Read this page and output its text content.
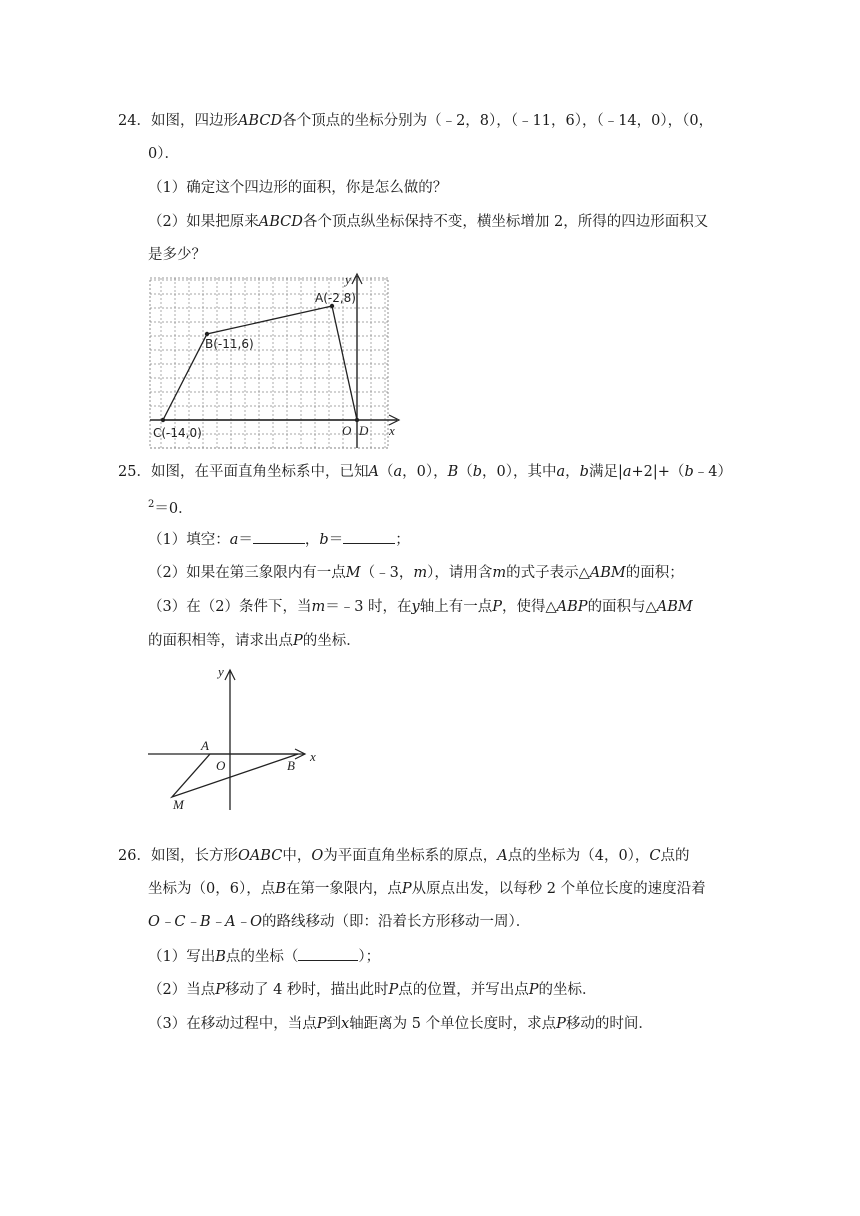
24．如图，四边形ABCD各个顶点的坐标分别为（﹣2，8），（﹣11，6），（﹣14，0），（0，
0）．
（1）确定这个四边形的面积，你是怎么做的？
（2）如果把原来ABCD各个顶点纵坐标保持不变，横坐标增加 2，所得的四边形面积又
是多少？
A(-2,8)
B(-11,6)
C(-14,0)	O D x
y
25．如图，在平面直角坐标系中，已知A（a，0），B（b，0），其中a，b满足|a+2|+（b﹣4）
$^2$＝0．
（1）填空：a＝	，b＝	；
（2）如果在第三象限内有一点M（﹣3，m），请用含m的式子表示△ABM的面积；
（3）在（2）条件下，当m＝﹣3 时，在y轴上有一点P，使得△ABP的面积与△ABM
的面积相等，请求出点P的坐标．
A
O	B
M
x
y
26．如图，长方形OABC中，O为平面直角坐标系的原点，A点的坐标为（4，0），C点的
坐标为（0，6），点B在第一象限内，点P从原点出发，以每秒 2 个单位长度的速度沿着
O﹣C﹣B﹣A﹣O的路线移动（即：沿着长方形移动一周）．
（1）写出B点的坐标（	）；
（2）当点P移动了 4 秒时，描出此时P点的位置，并写出点P的坐标．
（3）在移动过程中，当点P到x轴距离为 5 个单位长度时，求点P移动的时间．
